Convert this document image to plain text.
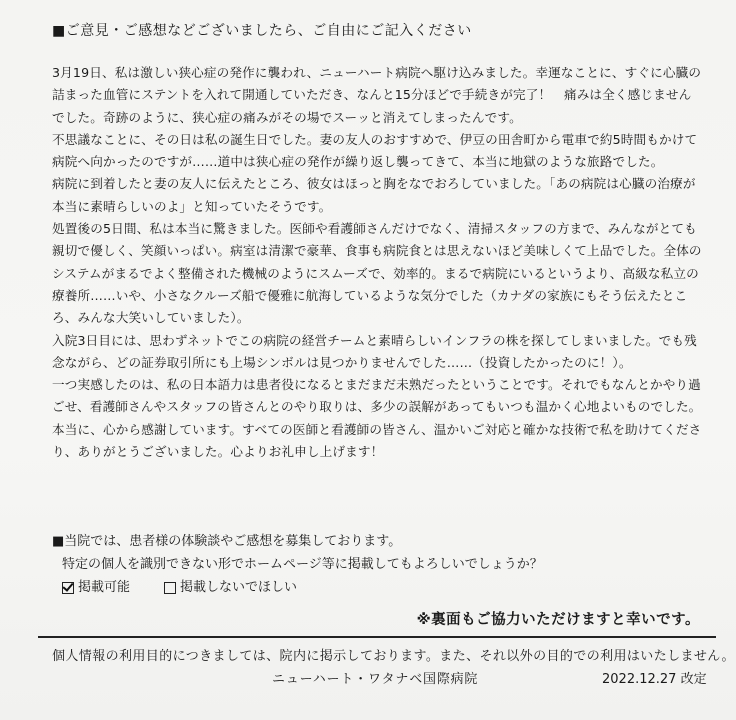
■ご意見・ご感想などございましたら、ご自由にご記入ください

3月19日、私は激しい狭心症の発作に襲われ、ニューハート病院へ駆け込みました。幸運なことに、すぐに心臓の詰まった血管にステントを入れて開通していただき、なんと15分ほどで手続きが完了！　痛みは全く感じませんでした。奇跡のように、狭心症の痛みがその場でスーッと消えてしまったんです。

不思議なことに、その日は私の誕生日でした。妻の友人のおすすめで、伊豆の田舎町から電車で約5時間もかけて病院へ向かったのですが……道中は狭心症の発作が繰り返し襲ってきて、本当に地獄のような旅路でした。

病院に到着したと妻の友人に伝えたところ、彼女はほっと胸をなでおろしていました。「あの病院は心臓の治療が本当に素晴らしいのよ」と知っていたそうです。

処置後の5日間、私は本当に驚きました。医師や看護師さんだけでなく、清掃スタッフの方まで、みんながとても親切で優しく、笑顔いっぱい。病室は清潔で豪華、食事も病院食とは思えないほど美味しくて上品でした。全体のシステムがまるでよく整備された機械のようにスムーズで、効率的。まるで病院にいるというより、高級な私立の療養所……いや、小さなクルーズ船で優雅に航海しているような気分でした（カナダの家族にもそう伝えたところ、みんな大笑いしていました）。

入院3日目には、思わずネットでこの病院の経営チームと素晴らしいインフラの株を探してしまいました。でも残念ながら、どの証券取引所にも上場シンボルは見つかりませんでした……（投資したかったのに！）。

一つ実感したのは、私の日本語力は患者役になるとまだまだ未熟だったということです。それでもなんとかやり過ごせ、看護師さんやスタッフの皆さんとのやり取りは、多少の誤解があってもいつも温かく心地よいものでした。

本当に、心から感謝しています。すべての医師と看護師の皆さん、温かいご対応と確かな技術で私を助けてくださり、ありがとうございました。心よりお礼申し上げます！

■当院では、患者様の体験談やご感想を募集しております。
特定の個人を識別できない形でホームページ等に掲載してもよろしいでしょうか？
掲載可能	掲載しないでほしい
※裏面もご協力いただけますと幸いです。
個人情報の利用目的につきましては、院内に掲示しております。また、それ以外の目的での利用はいたしません。
ニューハート・ワタナベ国際病院	2022.12.27 改定
